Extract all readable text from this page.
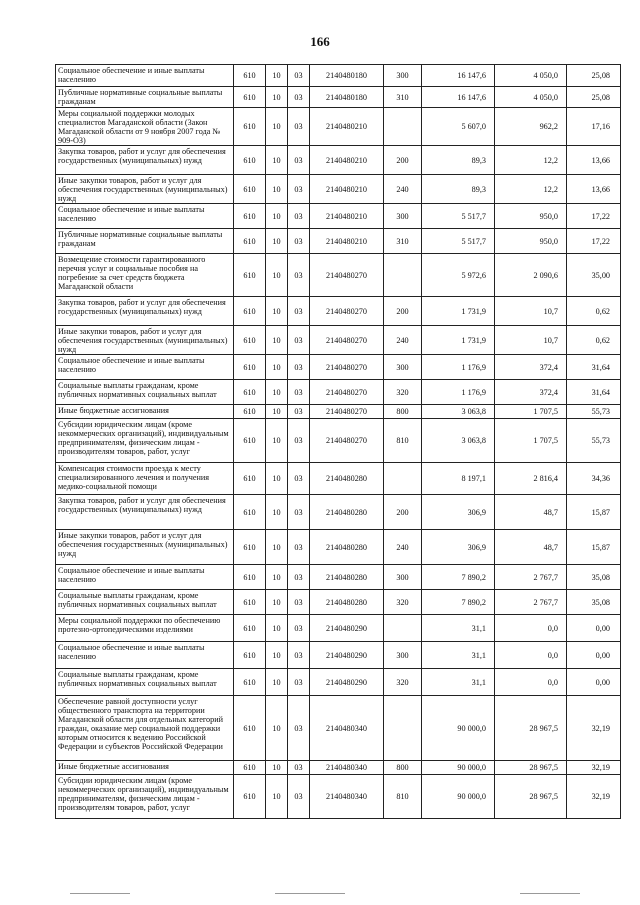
166
Социальное обеспечение и иные выплаты населению	610	10	03	2140480180	300	16 147,6	4 050,0	25,08
Публичные нормативные социальные выплаты гражданам	610	10	03	2140480180	310	16 147,6	4 050,0	25,08
Меры социальной поддержки молодых специалистов Магаданской области (Закон Магаданской области от 9 ноября 2007 года № 909-ОЗ)	610	10	03	2140480210		5 607,0	962,2	17,16
Закупка товаров, работ и услуг для обеспечения государственных (муниципальных) нужд	610	10	03	2140480210	200	89,3	12,2	13,66
Иные закупки товаров, работ и услуг для обеспечения государственных (муниципальных) нужд	610	10	03	2140480210	240	89,3	12,2	13,66
Социальное обеспечение и иные выплаты населению	610	10	03	2140480210	300	5 517,7	950,0	17,22
Публичные нормативные социальные выплаты гражданам	610	10	03	2140480210	310	5 517,7	950,0	17,22
Возмещение стоимости гарантированного перечня услуг и социальные пособия на погребение за счет средств бюджета Магаданской области	610	10	03	2140480270		5 972,6	2 090,6	35,00
Закупка товаров, работ и услуг для обеспечения государственных (муниципальных) нужд	610	10	03	2140480270	200	1 731,9	10,7	0,62
Иные закупки товаров, работ и услуг для обеспечения государственных (муниципальных) нужд	610	10	03	2140480270	240	1 731,9	10,7	0,62
Социальное обеспечение и иные выплаты населению	610	10	03	2140480270	300	1 176,9	372,4	31,64
Социальные выплаты гражданам, кроме публичных нормативных социальных выплат	610	10	03	2140480270	320	1 176,9	372,4	31,64
Иные бюджетные ассигнования	610	10	03	2140480270	800	3 063,8	1 707,5	55,73
Субсидии юридическим лицам (кроме некоммерческих организаций), индивидуальным предпринимателям, физическим лицам - производителям товаров, работ, услуг	610	10	03	2140480270	810	3 063,8	1 707,5	55,73
Компенсация стоимости проезда к месту специализированного лечения и получения медико-социальной помощи	610	10	03	2140480280		8 197,1	2 816,4	34,36
Закупка товаров, работ и услуг для обеспечения государственных (муниципальных) нужд	610	10	03	2140480280	200	306,9	48,7	15,87
Иные закупки товаров, работ и услуг для обеспечения государственных (муниципальных) нужд	610	10	03	2140480280	240	306,9	48,7	15,87
Социальное обеспечение и иные выплаты населению	610	10	03	2140480280	300	7 890,2	2 767,7	35,08
Социальные выплаты гражданам, кроме публичных нормативных социальных выплат	610	10	03	2140480280	320	7 890,2	2 767,7	35,08
Меры социальной поддержки по обеспечению протезно-ортопедическими изделиями	610	10	03	2140480290		31,1	0,0	0,00
Социальное обеспечение и иные выплаты населению	610	10	03	2140480290	300	31,1	0,0	0,00
Социальные выплаты гражданам, кроме публичных нормативных социальных выплат	610	10	03	2140480290	320	31,1	0,0	0,00
Обеспечение равной доступности услуг общественного транспорта на территории Магаданской области для отдельных категорий граждан, оказание мер социальной поддержки которым относится к ведению Российской Федерации и субъектов Российской Федерации	610	10	03	2140480340		90 000,0	28 967,5	32,19
Иные бюджетные ассигнования	610	10	03	2140480340	800	90 000,0	28 967,5	32,19
Субсидии юридическим лицам (кроме некоммерческих организаций), индивидуальным предпринимателям, физическим лицам - производителям товаров, работ, услуг	610	10	03	2140480340	810	90 000,0	28 967,5	32,19
